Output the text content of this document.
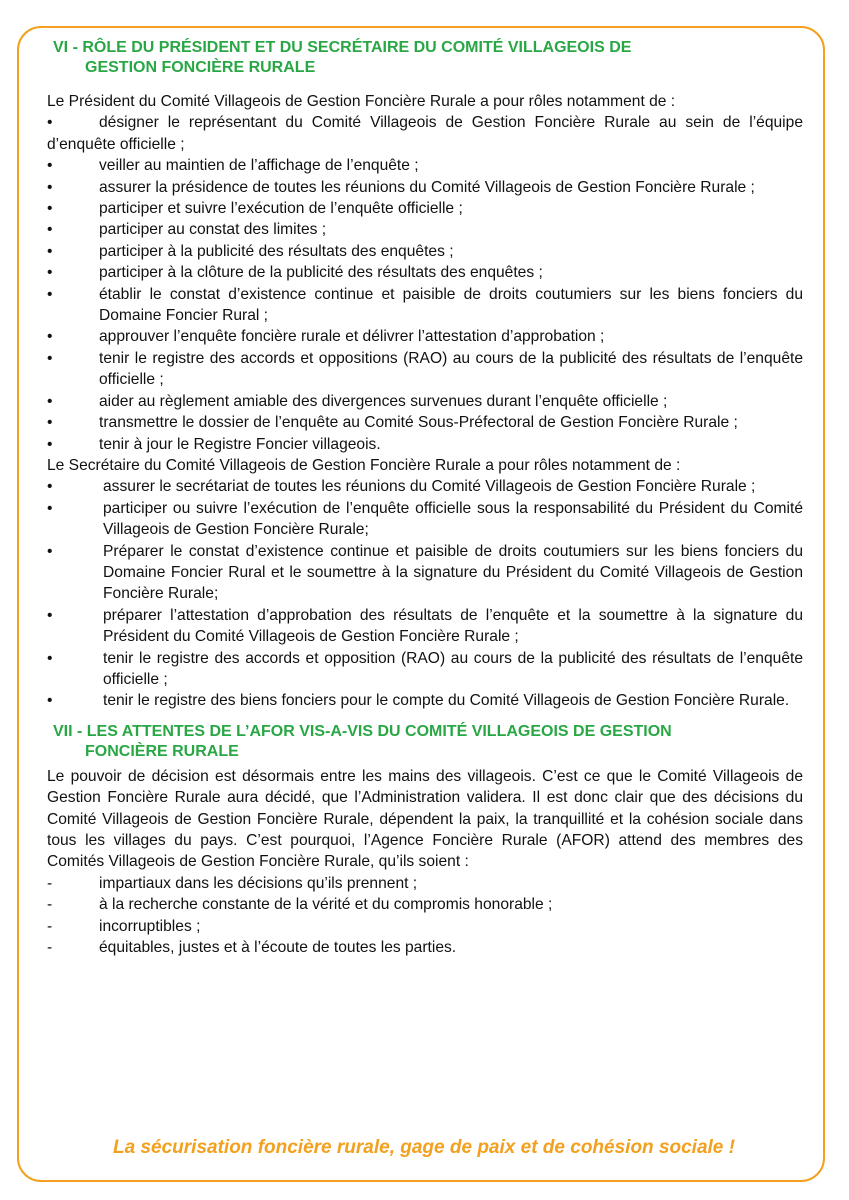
VI - RÔLE DU PRÉSIDENT ET DU SECRÉTAIRE DU COMITÉ VILLAGEOIS DE
GESTION FONCIÈRE RURALE

Le Président du Comité Villageois de Gestion Foncière Rurale a pour rôles notamment de :

•	désigner le représentant du Comité Villageois de Gestion Foncière Rurale au sein de l’équipe d’enquête officielle ;
•	veiller au maintien de l’affichage de l’enquête ;
•	assurer la présidence de toutes les réunions du Comité Villageois de Gestion Foncière Rurale ;
•	participer et suivre l’exécution de l’enquête officielle ;
•	participer au constat des limites ;
•	participer à la publicité des résultats des enquêtes ;
•	participer à la clôture de la publicité des résultats des enquêtes ;
•	établir le constat d’existence continue et paisible de droits coutumiers sur les biens fonciers du Domaine Foncier Rural ;
•	approuver l’enquête foncière rurale et délivrer l’attestation d’approbation ;
•	tenir le registre des accords et oppositions (RAO) au cours de la publicité des résultats de l’enquête officielle ;
•	aider au règlement amiable des divergences survenues durant l’enquête officielle ;
•	transmettre le dossier de l’enquête au Comité Sous-Préfectoral de Gestion Foncière Rurale ;
•	tenir à jour le Registre Foncier villageois.

Le Secrétaire du Comité Villageois de Gestion Foncière Rurale a pour rôles notamment de :

•	assurer le secrétariat de toutes les réunions du Comité Villageois de Gestion Foncière Rurale ;
•	participer ou suivre l’exécution de l’enquête officielle sous la responsabilité du Président du Comité Villageois de Gestion Foncière Rurale;
•	Préparer le constat d’existence continue et paisible de droits coutumiers sur les biens fonciers du Domaine Foncier Rural et le soumettre à la signature du Président du Comité Villageois de Gestion Foncière Rurale;
•	préparer l’attestation d’approbation des résultats de l’enquête et la soumettre à la signature du Président du Comité Villageois de Gestion Foncière Rurale ;
•	tenir le registre des accords et opposition (RAO) au cours de la publicité des résultats de l’enquête officielle ;
•	tenir le registre des biens fonciers pour le compte du Comité Villageois de Gestion Foncière Rurale.
VII - LES ATTENTES DE L’AFOR VIS-A-VIS DU COMITÉ VILLAGEOIS DE GESTION
FONCIÈRE RURALE

Le pouvoir de décision est désormais entre les mains des villageois. C’est ce que le Comité Villageois de Gestion Foncière Rurale aura décidé, que l’Administration validera. Il est donc clair que des décisions du Comité Villageois de Gestion Foncière Rurale, dépendent la paix, la tranquillité et la cohésion sociale dans tous les villages du pays. C’est pourquoi, l’Agence Foncière Rurale (AFOR) attend des membres des Comités Villageois de Gestion Foncière Rurale, qu’ils soient :

-	impartiaux dans les décisions qu’ils prennent ;
-	à la recherche constante de la vérité et du compromis honorable ;
-	incorruptibles ;
-	équitables, justes et à l’écoute de toutes les parties.
La sécurisation foncière rurale, gage de paix et de cohésion sociale !
